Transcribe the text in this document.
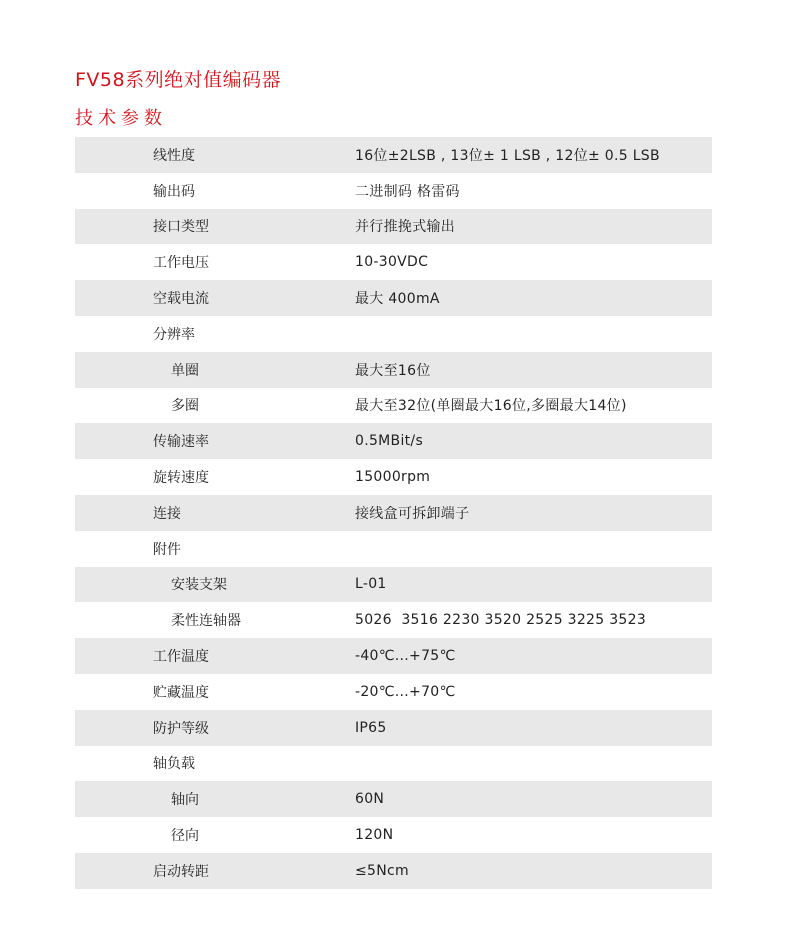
FV58系列绝对值编码器
技术参数
线性度	16位±2LSB , 13位± 1 LSB , 12位± 0.5 LSB
输出码	二进制码 格雷码
接口类型	并行推挽式输出
工作电压	10-30VDC
空载电流	最大 400mA
分辨率
单圈	最大至16位
多圈	最大至32位(单圈最大16位,多圈最大14位)
传输速率	0.5MBit/s
旋转速度	15000rpm
连接	接线盒可拆卸端子
附件
安装支架	L-01
柔性连轴器	5026  3516 2230 3520 2525 3225 3523
工作温度	-40℃...+75℃
贮藏温度	-20℃...+70℃
防护等级	IP65
轴负载
轴向	60N
径向	120N
启动转距	≤5Ncm
